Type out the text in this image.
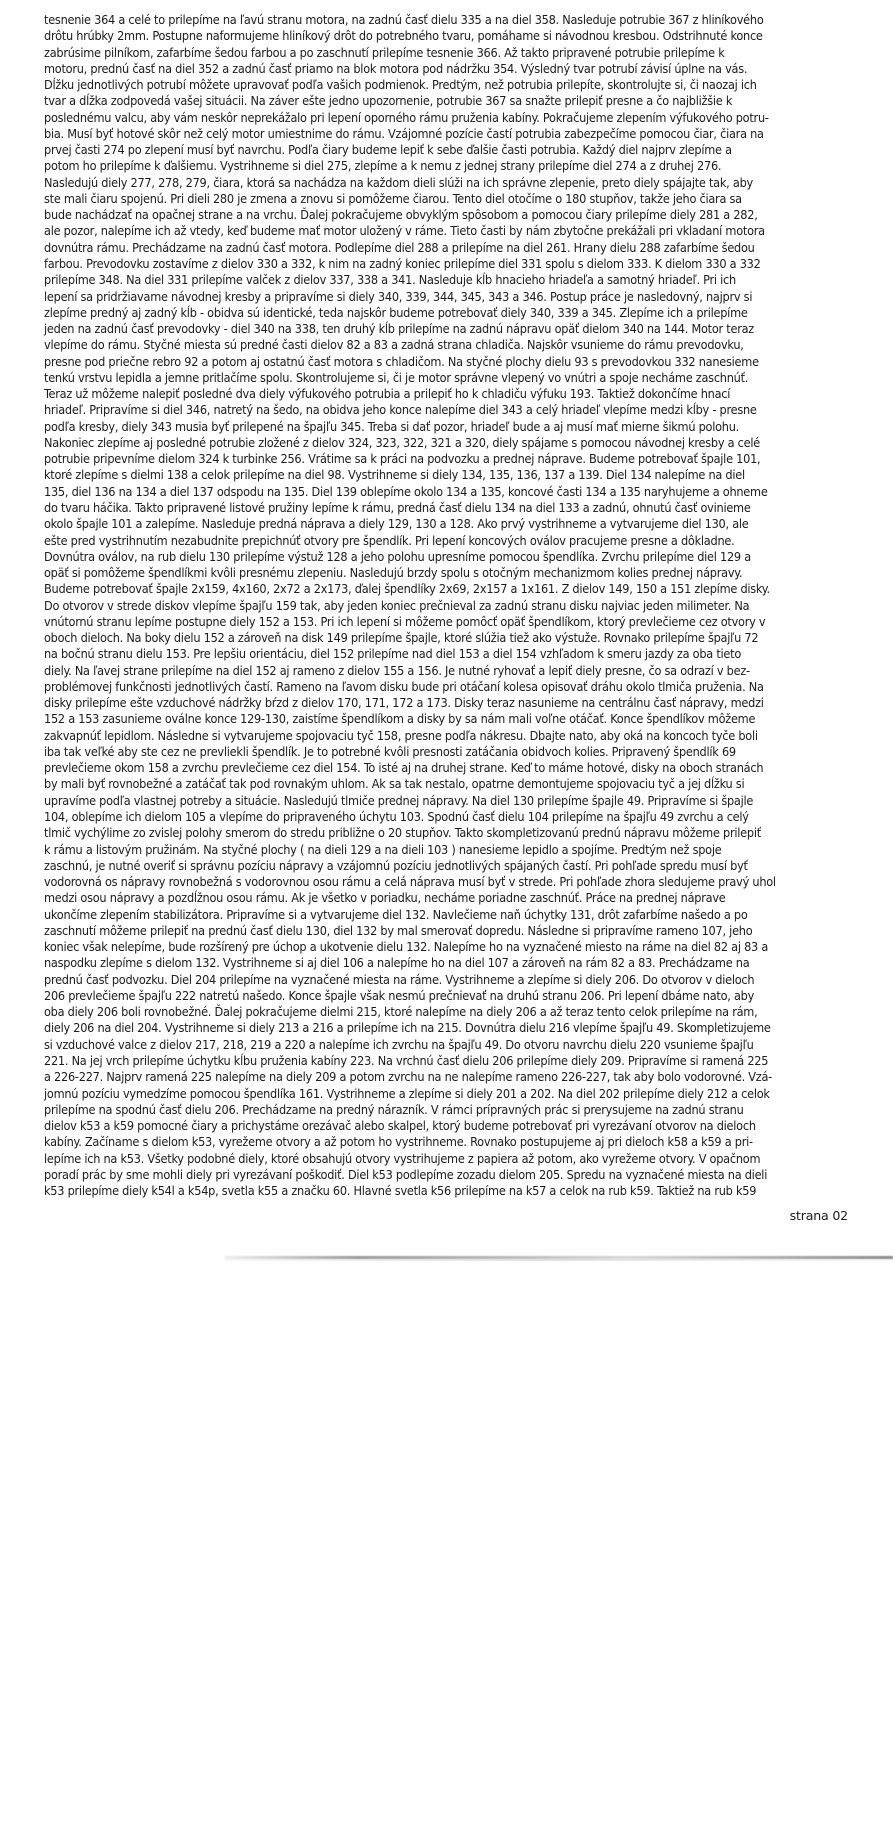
tesnenie 364 a celé to prilepíme na ľavú stranu motora, na zadnú časť dielu 335 a na diel 358. Nasleduje potrubie 367 z hliníkového
drôtu hrúbky 2mm. Postupne naformujeme hliníkový drôt do potrebného tvaru, pomáhame si návodnou kresbou. Odstrihnuté konce
zabrúsime pilníkom, zafarbíme šedou farbou a po zaschnutí prilepíme tesnenie 366. Až takto pripravené potrubie prilepíme k
motoru, prednú časť na diel 352 a zadnú časť priamo na blok motora pod nádržku 354. Výsledný tvar potrubí závisí úplne na vás.
Dĺžku jednotlivých potrubí môžete upravovať podľa vašich podmienok. Predtým, než potrubia prilepíte, skontrolujte si, či naozaj ich
tvar a dĺžka zodpovedá vašej situácii. Na záver ešte jedno upozornenie, potrubie 367 sa snažte prilepiť presne a čo najbližšie k
poslednému valcu, aby vám neskôr neprekážalo pri lepení oporného rámu pruženia kabíny. Pokračujeme zlepením výfukového potru-
bia. Musí byť hotové skôr než celý motor umiestnime do rámu. Vzájomné pozície častí potrubia zabezpečíme pomocou čiar, čiara na
prvej časti 274 po zlepení musí byť navrchu. Podľa čiary budeme lepiť k sebe ďalšie časti potrubia. Každý diel najprv zlepíme a
potom ho prilepíme k ďalšiemu. Vystrihneme si diel 275, zlepíme a k nemu z jednej strany prilepíme diel 274 a z druhej 276.
Nasledujú diely 277, 278, 279, čiara, ktorá sa nachádza na každom dieli slúži na ich správne zlepenie, preto diely spájajte tak, aby
ste mali čiaru spojenú. Pri dieli 280 je zmena a znovu si pomôžeme čiarou. Tento diel otočíme o 180 stupňov, takže jeho čiara sa
bude nachádzať na opačnej strane a na vrchu. Ďalej pokračujeme obvyklým spôsobom a pomocou čiary prilepíme diely 281 a 282,
ale pozor, nalepíme ich až vtedy, keď budeme mať motor uložený v ráme. Tieto časti by nám zbytočne prekážali pri vkladaní motora
dovnútra rámu. Prechádzame na zadnú časť motora. Podlepíme diel 288 a prilepíme na diel 261. Hrany dielu 288 zafarbíme šedou
farbou. Prevodovku zostavíme z dielov 330 a 332, k nim na zadný koniec prilepíme diel 331 spolu s dielom 333. K dielom 330 a 332
prilepíme 348. Na diel 331 prilepíme valček z dielov 337, 338 a 341. Nasleduje kĺb hnacieho hriadeľa a samotný hriadeľ. Pri ich
lepení sa pridržiavame návodnej kresby a pripravíme si diely 340, 339, 344, 345, 343 a 346. Postup práce je nasledovný, najprv si
zlepíme predný aj zadný kĺb - obidva sú identické, teda najskôr budeme potrebovať diely 340, 339 a 345. Zlepíme ich a prilepíme
jeden na zadnú časť prevodovky - diel 340 na 338, ten druhý kĺb prilepíme na zadnú nápravu opäť dielom 340 na 144. Motor teraz
vlepíme do rámu. Styčné miesta sú predné časti dielov 82 a 83 a zadná strana chladiča. Najskôr vsunieme do rámu prevodovku,
presne pod priečne rebro 92 a potom aj ostatnú časť motora s chladičom. Na styčné plochy dielu 93 s prevodovkou 332 nanesieme
tenkú vrstvu lepidla a jemne pritlačíme spolu. Skontrolujeme si, či je motor správne vlepený vo vnútri a spoje necháme zaschnúť.
Teraz už môžeme nalepiť posledné dva diely výfukového potrubia a prilepiť ho k chladiču výfuku 193. Taktiež dokončíme hnací
hriadeľ. Pripravíme si diel 346, natretý na šedo, na obidva jeho konce nalepíme diel 343 a celý hriadeľ vlepíme medzi kĺby - presne
podľa kresby, diely 343 musia byť prilepené na špajľu 345. Treba si dať pozor, hriadeľ bude a aj musí mať mierne šikmú polohu.
Nakoniec zlepíme aj posledné potrubie zložené z dielov 324, 323, 322, 321 a 320, diely spájame s pomocou návodnej kresby a celé
potrubie pripevníme dielom 324 k turbinke 256. Vrátime sa k práci na podvozku a prednej náprave. Budeme potrebovať špajle 101,
ktoré zlepíme s dielmi 138 a celok prilepíme na diel 98. Vystrihneme si diely 134, 135, 136, 137 a 139. Diel 134 nalepíme na diel
135, diel 136 na 134 a diel 137 odspodu na 135. Diel 139 oblepíme okolo 134 a 135, koncové časti 134 a 135 naryhujeme a ohneme
do tvaru háčika. Takto pripravené listové pružiny lepíme k rámu, predná časť dielu 134 na diel 133 a zadnú, ohnutú časť ovinieme
okolo špajle 101 a zalepíme. Nasleduje predná náprava a diely 129, 130 a 128. Ako prvý vystrihneme a vytvarujeme diel 130, ale
ešte pred vystrihnutím nezabudnite prepichnúť otvory pre špendlík. Pri lepení koncových oválov pracujeme presne a dôkladne.
Dovnútra oválov, na rub dielu 130 prilepíme výstuž 128 a jeho polohu upresníme pomocou špendlíka. Zvrchu prilepíme diel 129 a
opäť si pomôžeme špendlíkmi kvôli presnému zlepeniu. Nasledujú brzdy spolu s otočným mechanizmom kolies prednej nápravy.
Budeme potrebovať špajle 2x159, 4x160, 2x72 a 2x173, ďalej špendlíky 2x69, 2x157 a 1x161. Z dielov 149, 150 a 151 zlepíme disky.
Do otvorov v strede diskov vlepíme špajľu 159 tak, aby jeden koniec prečnieval za zadnú stranu disku najviac jeden milimeter. Na
vnútornú stranu lepíme postupne diely 152 a 153. Pri ich lepení si môžeme pomôcť opäť špendlíkom, ktorý prevlečieme cez otvory v
oboch dieloch. Na boky dielu 152 a zároveň na disk 149 prilepíme špajle, ktoré slúžia tiež ako výstuže. Rovnako prilepíme špajľu 72
na bočnú stranu dielu 153. Pre lepšiu orientáciu, diel 152 prilepíme nad diel 153 a diel 154 vzhľadom k smeru jazdy za oba tieto
diely. Na ľavej strane prilepíme na diel 152 aj rameno z dielov 155 a 156. Je nutné ryhovať a lepiť diely presne, čo sa odrazí v bez-
problémovej funkčnosti jednotlivých častí. Rameno na ľavom disku bude pri otáčaní kolesa opisovať dráhu okolo tlmiča pruženia. Na
disky prilepíme ešte vzduchové nádržky bŕzd z dielov 170, 171, 172 a 173. Disky teraz nasunieme na centrálnu časť nápravy, medzi
152 a 153 zasunieme oválne konce 129-130, zaistíme špendlíkom a disky by sa nám mali voľne otáčať. Konce špendlíkov môžeme
zakvapnúť lepidlom. Následne si vytvarujeme spojovaciu tyč 158, presne podľa nákresu. Dbajte nato, aby oká na koncoch tyče boli
iba tak veľké aby ste cez ne prevliekli špendlík. Je to potrebné kvôli presnosti zatáčania obidvoch kolies. Pripravený špendlík 69
prevlečieme okom 158 a zvrchu prevlečieme cez diel 154. To isté aj na druhej strane. Keď to máme hotové, disky na oboch stranách
by mali byť rovnobežné a zatáčať tak pod rovnakým uhlom. Ak sa tak nestalo, opatrne demontujeme spojovaciu tyč a jej dĺžku si
upravíme podľa vlastnej potreby a situácie. Nasledujú tlmiče prednej nápravy. Na diel 130 prilepíme špajle 49. Pripravíme si špajle
104, oblepíme ich dielom 105 a vlepíme do pripraveného úchytu 103. Spodnú časť dielu 104 prilepíme na špajľu 49 zvrchu a celý
tlmič vychýlime zo zvislej polohy smerom do stredu približne o 20 stupňov. Takto skompletizovanú prednú nápravu môžeme prilepiť
k rámu a listovým pružinám. Na styčné plochy ( na dieli 129 a na dieli 103 ) nanesieme lepidlo a spojíme. Predtým než spoje
zaschnú, je nutné overiť si správnu pozíciu nápravy a vzájomnú pozíciu jednotlivých spájaných častí. Pri pohľade spredu musí byť
vodorovná os nápravy rovnobežná s vodorovnou osou rámu a celá náprava musí byť v strede. Pri pohľade zhora sledujeme pravý uhol
medzi osou nápravy a pozdĺžnou osou rámu. Ak je všetko v poriadku, necháme poriadne zaschnúť. Práce na prednej náprave
ukončíme zlepením stabilizátora. Pripravíme si a vytvarujeme diel 132. Navlečieme naň úchytky 131, drôt zafarbíme našedo a po
zaschnutí môžeme prilepiť na prednú časť dielu 130, diel 132 by mal smerovať dopredu. Následne si pripravíme rameno 107, jeho
koniec však nelepíme, bude rozšírený pre úchop a ukotvenie dielu 132. Nalepíme ho na vyznačené miesto na ráme na diel 82 aj 83 a
naspodku zlepíme s dielom 132. Vystrihneme si aj diel 106 a nalepíme ho na diel 107 a zároveň na rám 82 a 83. Prechádzame na
prednú časť podvozku. Diel 204 prilepíme na vyznačené miesta na ráme. Vystrihneme a zlepíme si diely 206. Do otvorov v dieloch
206 prevlečieme špajľu 222 natretú našedo. Konce špajle však nesmú prečnievať na druhú stranu 206. Pri lepení dbáme nato, aby
oba diely 206 boli rovnobežné. Ďalej pokračujeme dielmi 215, ktoré nalepíme na diely 206 a až teraz tento celok prilepíme na rám,
diely 206 na diel 204. Vystrihneme si diely 213 a 216 a prilepíme ich na 215. Dovnútra dielu 216 vlepíme špajľu 49. Skompletizujeme
si vzduchové valce z dielov 217, 218, 219 a 220 a nalepíme ich zvrchu na špajľu 49. Do otvoru navrchu dielu 220 vsunieme špajľu
221. Na jej vrch prilepíme úchytku kĺbu pruženia kabíny 223. Na vrchnú časť dielu 206 prilepíme diely 209. Pripravíme si ramená 225
a 226-227. Najprv ramená 225 nalepíme na diely 209 a potom zvrchu na ne nalepíme rameno 226-227, tak aby bolo vodorovné. Vzá-
jomnú pozíciu vymedzíme pomocou špendlíka 161. Vystrihneme a zlepíme si diely 201 a 202. Na diel 202 prilepíme diely 212 a celok
prilepíme na spodnú časť dielu 206. Prechádzame na predný nárazník. V rámci prípravných prác si prerysujeme na zadnú stranu
dielov k53 a k59 pomocné čiary a prichystáme orezávač alebo skalpel, ktorý budeme potrebovať pri vyrezávaní otvorov na dieloch
kabíny. Začíname s dielom k53, vyrežeme otvory a až potom ho vystrihneme. Rovnako postupujeme aj pri dieloch k58 a k59 a pri-
lepíme ich na k53. Všetky podobné diely, ktoré obsahujú otvory vystrihujeme z papiera až potom, ako vyrežeme otvory. V opačnom
poradí prác by sme mohli diely pri vyrezávaní poškodiť. Diel k53 podlepíme zozadu dielom 205. Spredu na vyznačené miesta na dieli
k53 prilepíme diely k54l a k54p, svetla k55 a značku 60. Hlavné svetla k56 prilepíme na k57 a celok na rub k59. Taktiež na rub k59
strana 02
